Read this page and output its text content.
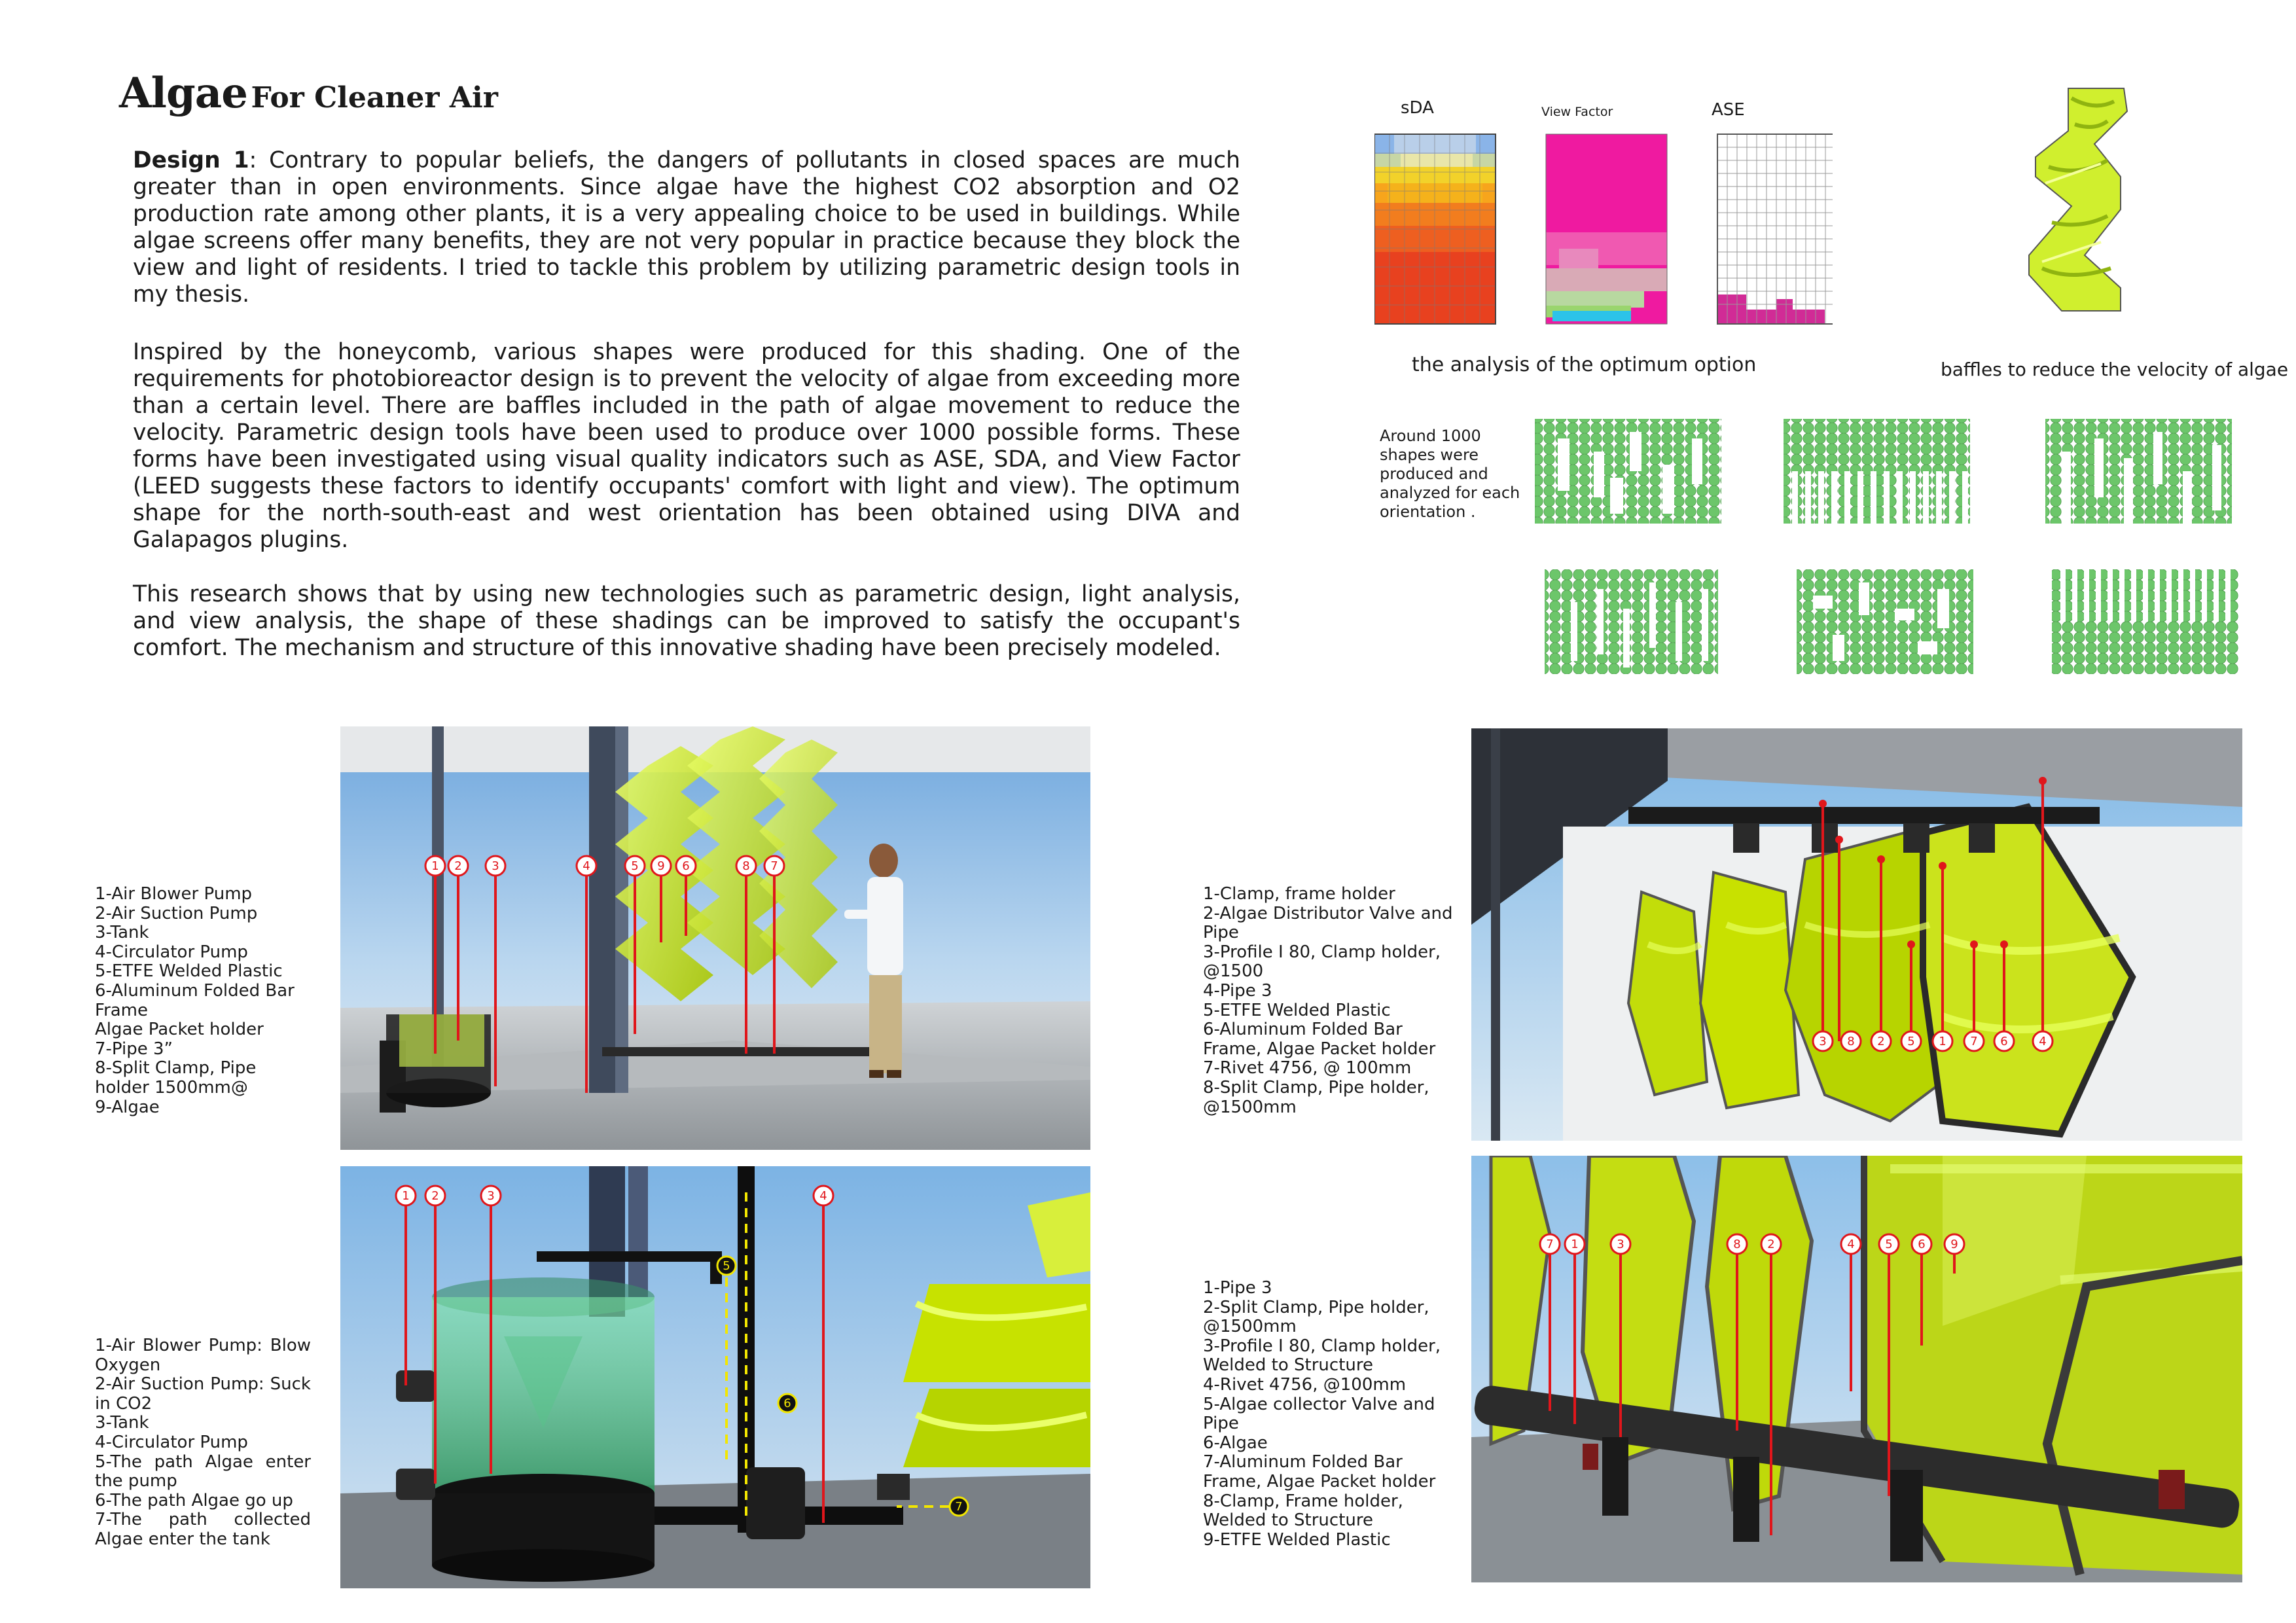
Algae For Cleaner Air

Design 1: Contrary to popular beliefs, the dangers of pollutants in closed spaces are much greater than in open environments. Since algae have the highest CO2 absorption and O2 production rate among other plants, it is a very appealing choice to be used in buildings. While algae screens offer many benefits, they are not very popular in practice because they block the view and light of residents. I tried to tackle this problem by utilizing parametric design tools in my thesis.

Inspired by the honeycomb, various shapes were produced for this shading. One of the requirements for photobioreactor design is to prevent the velocity of algae from exceeding more than a certain level. There are baffles included in the path of algae movement to reduce the velocity. Parametric design tools have been used to produce over 1000 possible forms. These forms have been investigated using visual quality indicators such as ASE, SDA, and View Factor (LEED suggests these factors to identify occupants' comfort with light and view). The optimum shape for the north-south-east and west orientation has been obtained using DIVA and Galapagos plugins.

This research shows that by using new technologies such as parametric design, light analysis, and view analysis, the shape of these shadings can be improved to satisfy the occupant's comfort. The mechanism and structure of this innovative shading have been precisely modeled.

sDA	View Factor	ASE
the analysis of the optimum option	baffles to reduce the velocity of algae
Around 1000 shapes were produced and analyzed for each orientation .
1-Air Blower Pump
2-Air Suction Pump
3-Tank
4-Circulator Pump
5-ETFE Welded Plastic
6-Aluminum Folded Bar Frame
Algae Packet holder
7-Pipe 3”
8-Split Clamp, Pipe holder 1500mm@
9-Algae
1-Air Blower Pump: Blow Oxygen
2-Air Suction Pump: Suck in CO2
3-Tank
4-Circulator Pump
5-The path Algae enter the pump
6-The path Algae go up
7-The path collected Algae enter the tank
1-Clamp, frame holder
2-Algae Distributor Valve and Pipe
3-Profile I 80, Clamp holder, @1500
4-Pipe 3
5-ETFE Welded Plastic
6-Aluminum Folded Bar Frame, Algae Packet holder
7-Rivet 4756, @ 100mm
8-Split Clamp, Pipe holder, @1500mm
1-Pipe 3
2-Split Clamp, Pipe holder, @1500mm
3-Profile I 80, Clamp holder, Welded to Structure
4-Rivet 4756, @100mm
5-Algae collector Valve and Pipe
6-Algae
7-Aluminum Folded Bar Frame, Algae Packet holder
8-Clamp, Frame holder, Welded to Structure
9-ETFE Welded Plastic
1 2	3	4	5 9 6	8 7
1 2	3	4
5
6
7
3 8 2 5 1 7 6	4
7 1	3	8 2	4	5 6 9
